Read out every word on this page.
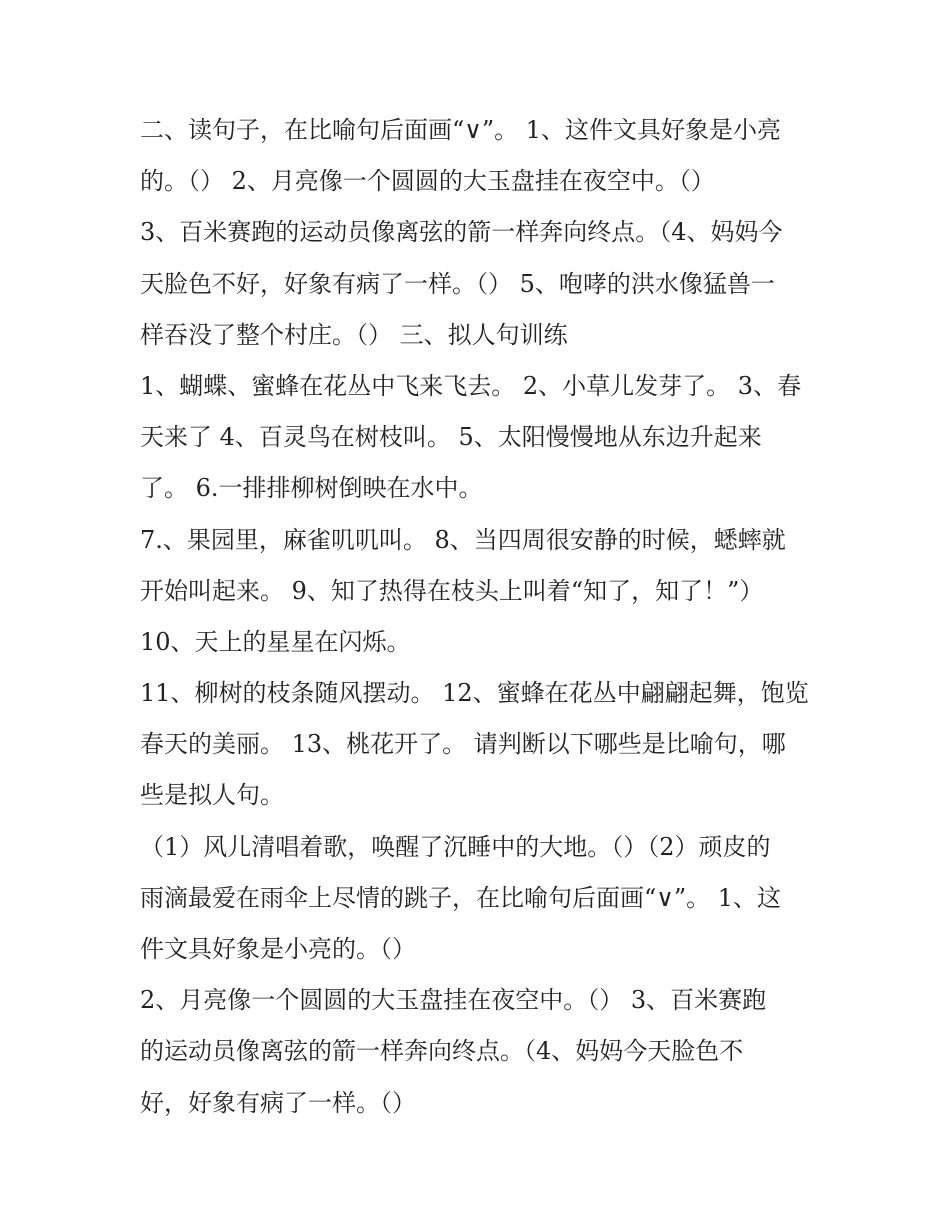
二、读句子，在比喻句后面画“∨”。 1、这件文具好象是小亮
的。（） 2、月亮像一个圆圆的大玉盘挂在夜空中。（）
3、百米赛跑的运动员像离弦的箭一样奔向终点。（4、妈妈今
天脸色不好，好象有病了一样。（） 5、咆哮的洪水像猛兽一
样吞没了整个村庄。（） 三、拟人句训练
1、蝴蝶、蜜蜂在花丛中飞来飞去。 2、小草儿发芽了。 3、春
天来了 4、百灵鸟在树枝叫。 5、太阳慢慢地从东边升起来
了。 6.一排排柳树倒映在水中。
7.、果园里，麻雀叽叽叫。 8、当四周很安静的时候，蟋蟀就
开始叫起来。 9、知了热得在枝头上叫着“知了，知了！”）
10、天上的星星在闪烁。
11、柳树的枝条随风摆动。 12、蜜蜂在花丛中翩翩起舞，饱览
春天的美丽。 13、桃花开了。 请判断以下哪些是比喻句，哪
些是拟人句。
（1）风儿清唱着歌，唤醒了沉睡中的大地。（）（2）顽皮的
雨滴最爱在雨伞上尽情的跳子，在比喻句后面画“∨”。 1、这
件文具好象是小亮的。（）
2、月亮像一个圆圆的大玉盘挂在夜空中。（） 3、百米赛跑
的运动员像离弦的箭一样奔向终点。（4、妈妈今天脸色不
好，好象有病了一样。（）
